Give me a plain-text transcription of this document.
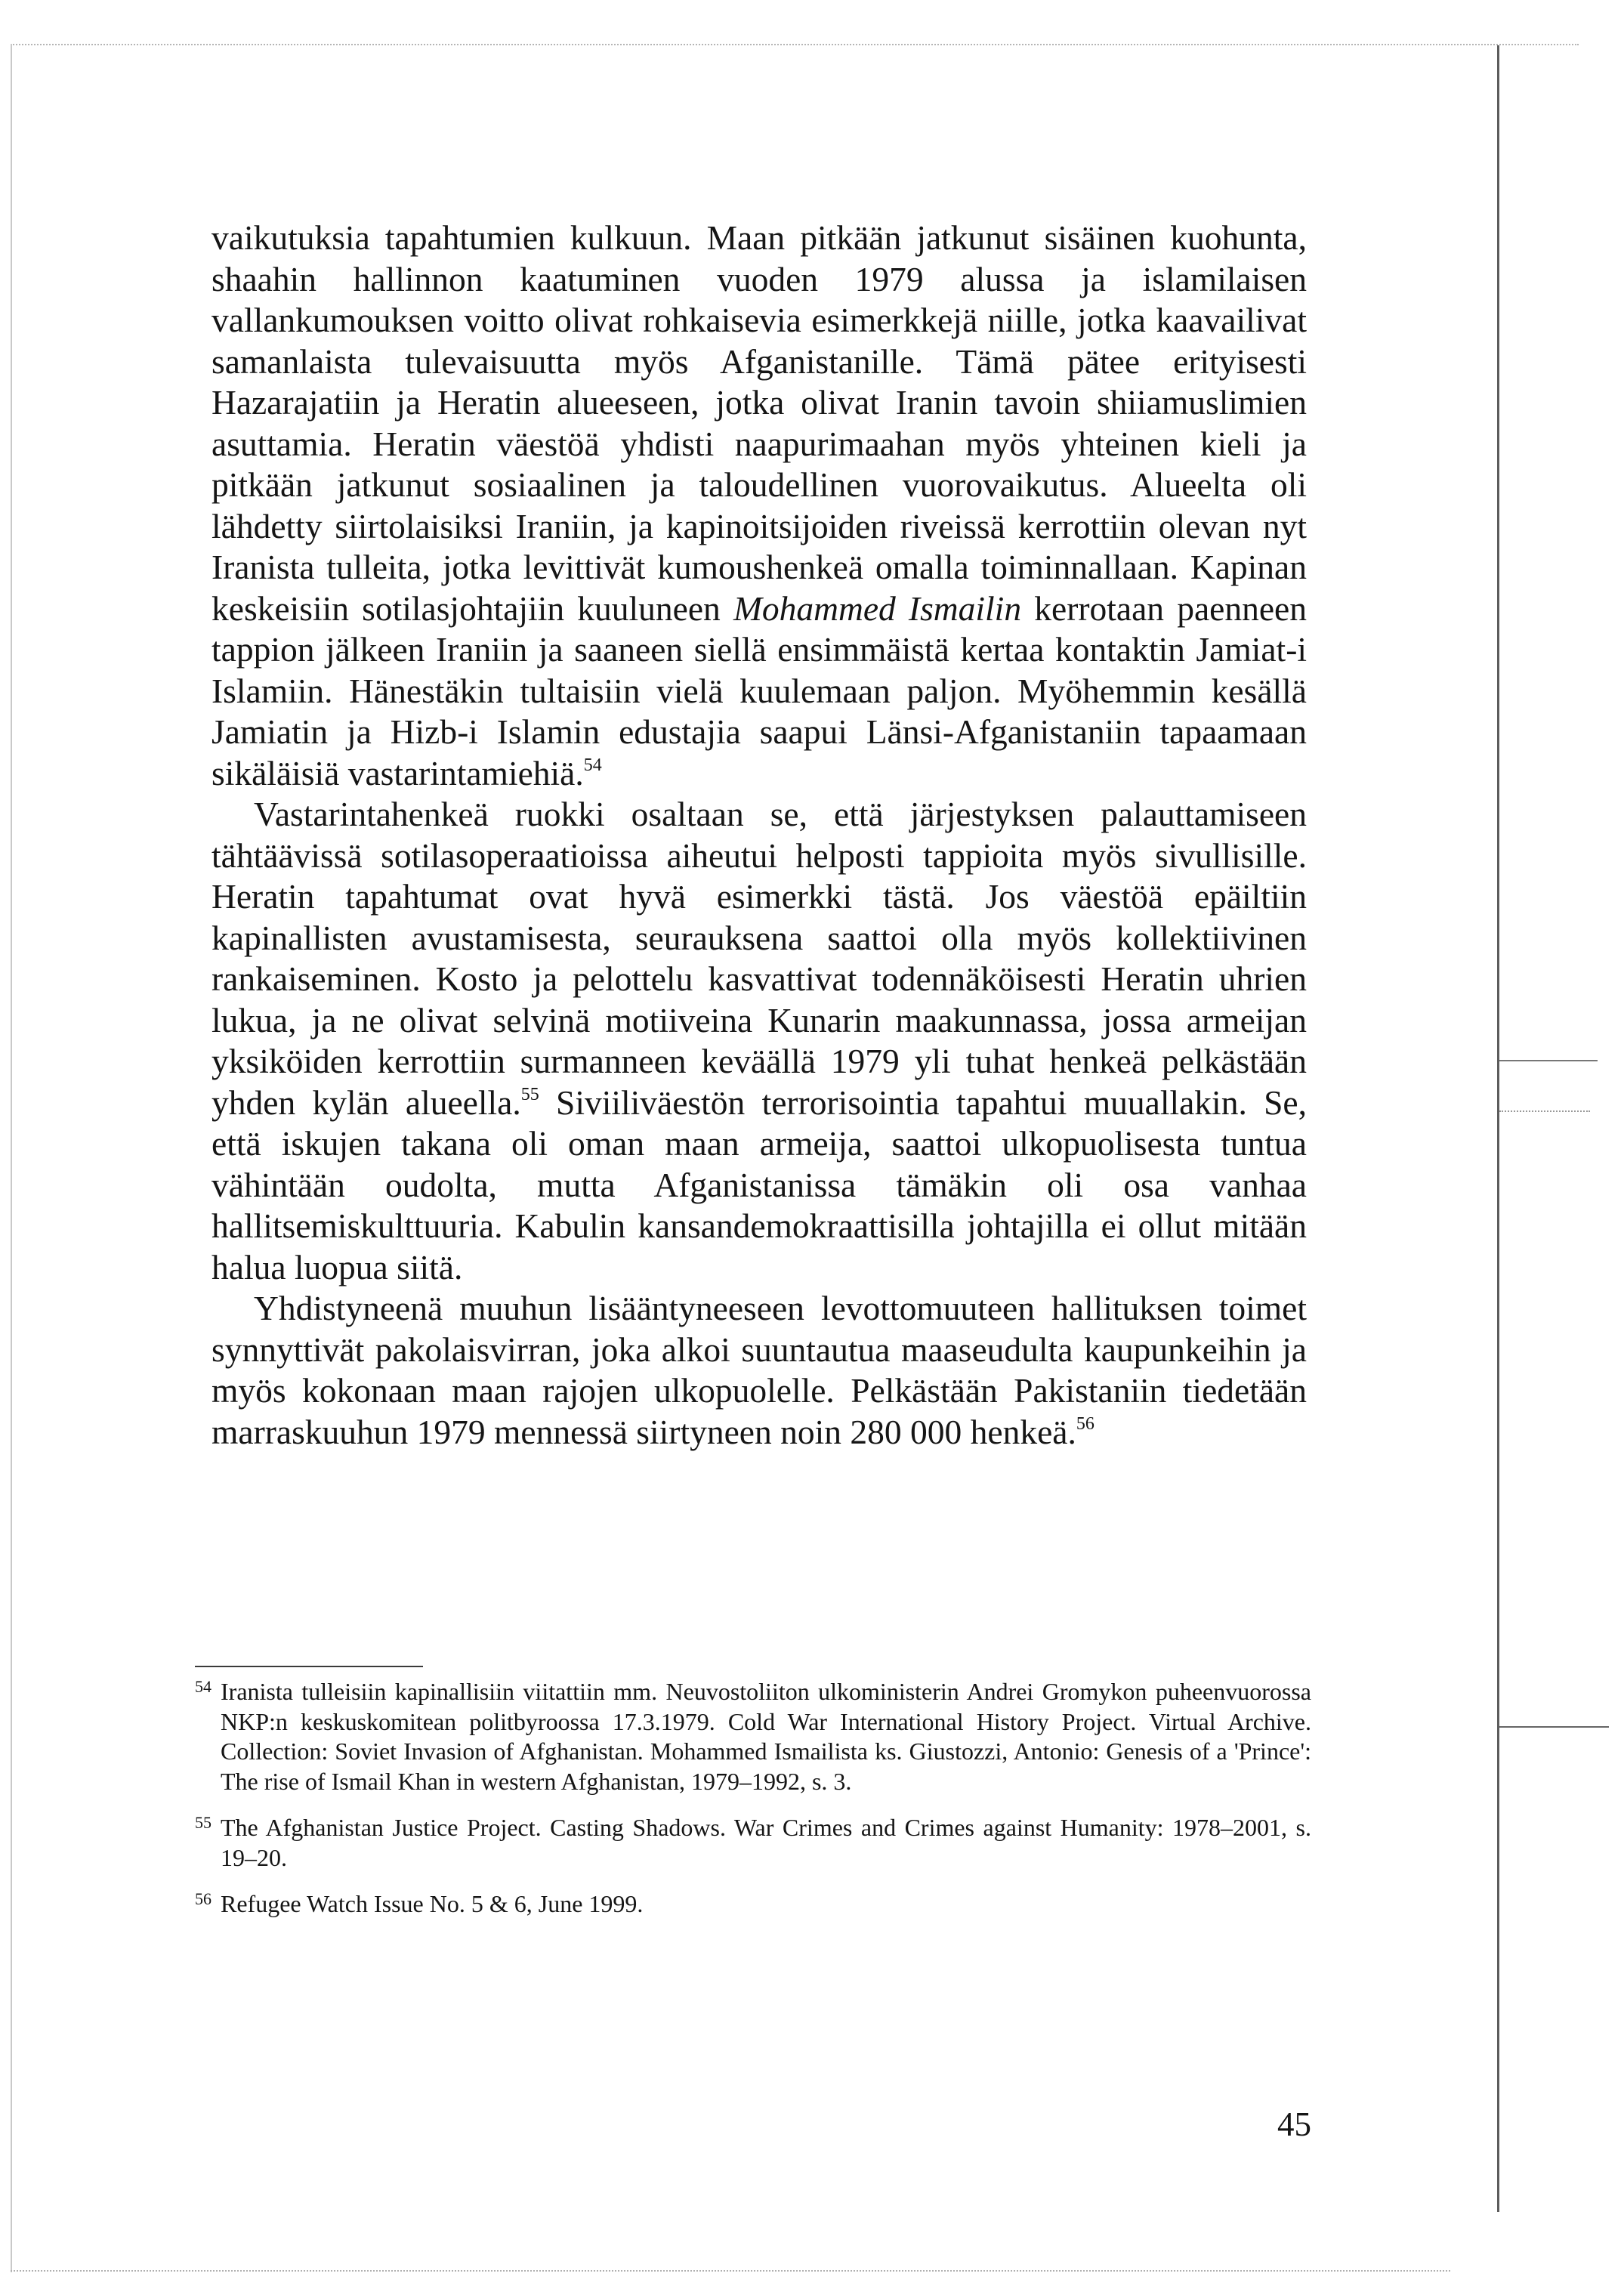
vaikutuksia tapahtumien kulkuun. Maan pitkään jatkunut sisäinen kuohunta, shaahin hallinnon kaatuminen vuoden 1979 alussa ja islamilaisen vallankumouksen voitto olivat rohkaisevia esimerkkejä niille, jotka kaavailivat samanlaista tulevaisuutta myös Afganistanille. Tämä pätee erityisesti Hazarajatiin ja Heratin alueeseen, jotka olivat Iranin tavoin shiiamuslimien asuttamia. Heratin väestöä yhdisti naapurimaahan myös yhteinen kieli ja pitkään jatkunut sosiaalinen ja taloudellinen vuorovaikutus. Alueelta oli lähdetty siirtolaisiksi Iraniin, ja kapinoitsijoiden riveissä kerrottiin olevan nyt Iranista tulleita, jotka levittivät kumoushenkeä omalla toiminnallaan. Kapinan keskeisiin sotilasjohtajiin kuuluneen Mohammed Ismailin kerrotaan paenneen tappion jälkeen Iraniin ja saaneen siellä ensimmäistä kertaa kontaktin Jamiat-i Islamiin. Hänestäkin tultaisiin vielä kuulemaan paljon. Myöhemmin kesällä Jamiatin ja Hizb-i Islamin edustajia saapui Länsi-Afganistaniin tapaamaan sikäläisiä vastarintamiehiä.$^{54}$

Vastarintahenkeä ruokki osaltaan se, että järjestyksen palauttamiseen tähtäävissä sotilasoperaatioissa aiheutui helposti tappioita myös sivullisille. Heratin tapahtumat ovat hyvä esimerkki tästä. Jos väestöä epäiltiin kapinallisten avustamisesta, seurauksena saattoi olla myös kollektiivinen rankaiseminen. Kosto ja pelottelu kasvattivat todennäköisesti Heratin uhrien lukua, ja ne olivat selvinä motiiveina Kunarin maakunnassa, jossa armeijan yksiköiden kerrottiin surmanneen keväällä 1979 yli tuhat henkeä pelkästään yhden kylän alueella.$^{55}$ Siviiliväestön terrorisointia tapahtui muuallakin. Se, että iskujen takana oli oman maan armeija, saattoi ulkopuolisesta tuntua vähintään oudolta, mutta Afganistanissa tämäkin oli osa vanhaa hallitsemiskulttuuria. Kabulin kansandemokraattisilla johtajilla ei ollut mitään halua luopua siitä.

Yhdistyneenä muuhun lisääntyneeseen levottomuuteen hallituksen toimet synnyttivät pakolaisvirran, joka alkoi suuntautua maaseudulta kaupunkeihin ja myös kokonaan maan rajojen ulkopuolelle. Pelkästään Pakistaniin tiedetään marraskuuhun 1979 mennessä siirtyneen noin 280 000 henkeä.$^{56}$

54 Iranista tulleisiin kapinallisiin viitattiin mm. Neuvostoliiton ulkoministerin Andrei Gromykon puheenvuorossa NKP:n keskuskomitean politbyroossa 17.3.1979. Cold War International History Project. Virtual Archive. Collection: Soviet Invasion of Afghanistan. Mohammed Ismailista ks. Giustozzi, Antonio: Genesis of a 'Prince': The rise of Ismail Khan in western Afghanistan, 1979–1992, s. 3.
55 The Afghanistan Justice Project. Casting Shadows. War Crimes and Crimes against Humanity: 1978–2001, s. 19–20.
56 Refugee Watch Issue No. 5 & 6, June 1999.
45
